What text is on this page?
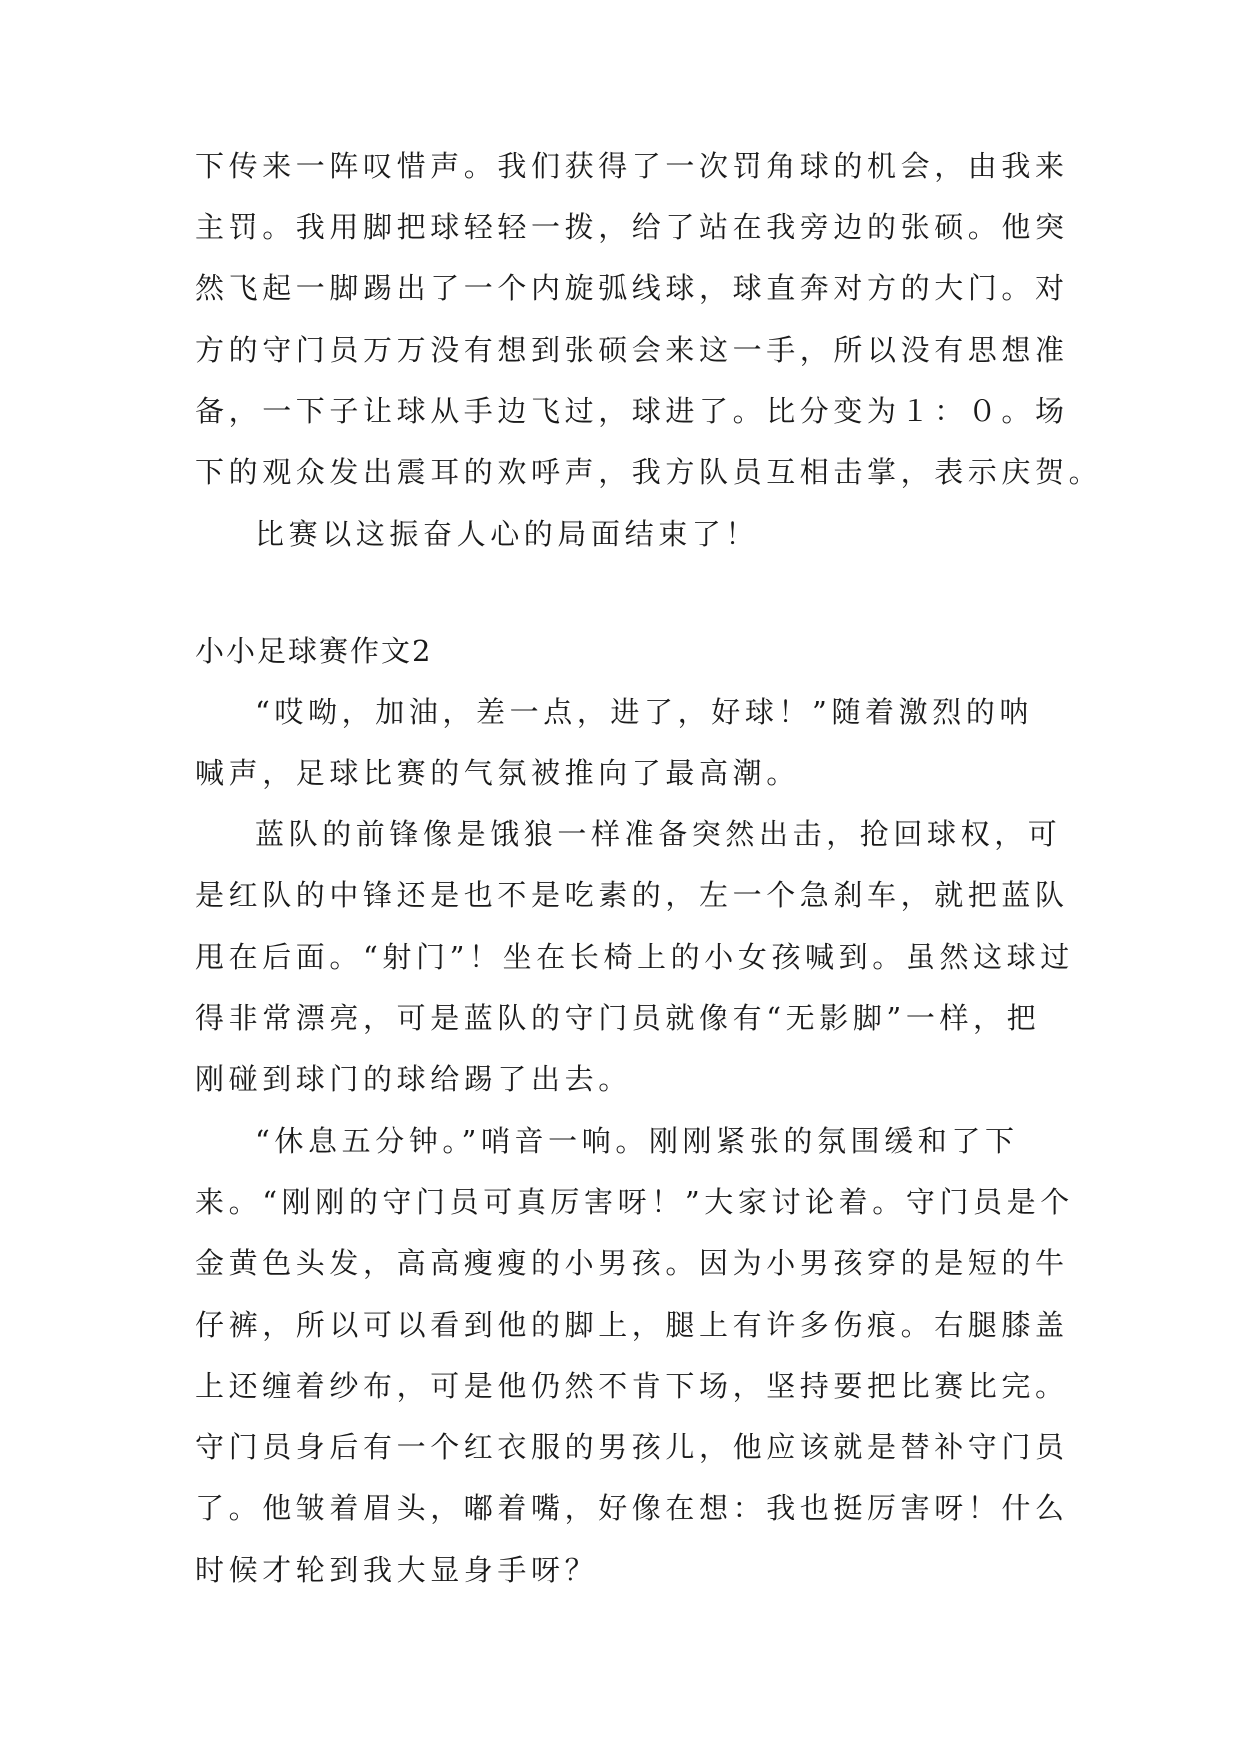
下传来一阵叹惜声。我们获得了一次罚角球的机会，由我来
主罚。我用脚把球轻轻一拨，给了站在我旁边的张硕。他突
然飞起一脚踢出了一个内旋弧线球，球直奔对方的大门。对
方的守门员万万没有想到张硕会来这一手，所以没有思想准
备，一下子让球从手边飞过，球进了。比分变为１：０。场
下的观众发出震耳的欢呼声，我方队员互相击掌，表示庆贺。
比赛以这振奋人心的局面结束了！
小小足球赛作文2
“哎呦，加油，差一点，进了，好球！”随着激烈的呐
喊声，足球比赛的气氛被推向了最高潮。
蓝队的前锋像是饿狼一样准备突然出击，抢回球权，可
是红队的中锋还是也不是吃素的，左一个急刹车，就把蓝队
甩在后面。“射门”！坐在长椅上的小女孩喊到。虽然这球过
得非常漂亮，可是蓝队的守门员就像有“无影脚”一样，把
刚碰到球门的球给踢了出去。
“休息五分钟。”哨音一响。刚刚紧张的氛围缓和了下
来。“刚刚的守门员可真厉害呀！”大家讨论着。守门员是个
金黄色头发，高高瘦瘦的小男孩。因为小男孩穿的是短的牛
仔裤，所以可以看到他的脚上，腿上有许多伤痕。右腿膝盖
上还缠着纱布，可是他仍然不肯下场，坚持要把比赛比完。
守门员身后有一个红衣服的男孩儿，他应该就是替补守门员
了。他皱着眉头，嘟着嘴，好像在想：我也挺厉害呀！什么
时候才轮到我大显身手呀？
